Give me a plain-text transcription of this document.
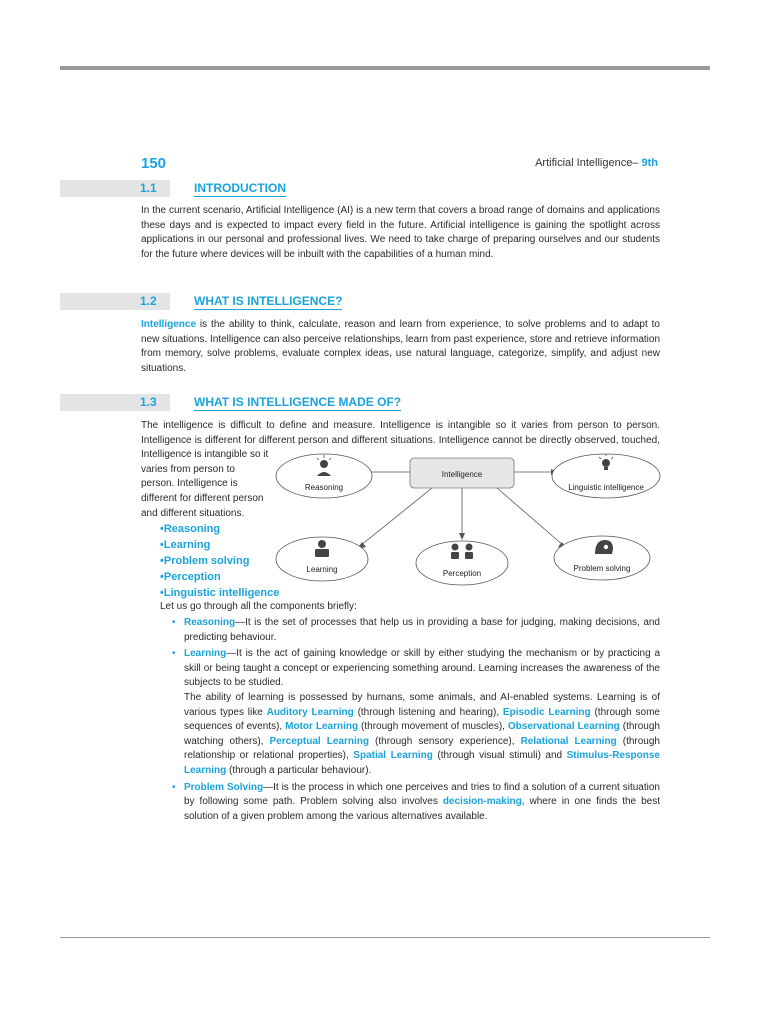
150	Artificial Intelligence– 9th
1.1	INTRODUCTION

In the current scenario, Artificial Intelligence (AI) is a new term that covers a broad range of domains and applications these days and is expected to impact every field in the future. Artificial intelligence is gaining the spotlight across applications in our personal and professional lives. We need to take charge of preparing ourselves and our students for the future where devices will be inbuilt with the capabilities of a human mind.

1.2	WHAT IS INTELLIGENCE?

Intelligence is the ability to think, calculate, reason and learn from experience, to solve problems and to adapt to new situations. Intelligence can also perceive relationships, learn from past experience, store and retrieve information from memory, solve problems, evaluate complex ideas, use natural language, categorize, simplify, and adjust new situations.

1.3	WHAT IS INTELLIGENCE MADE OF?
The intelligence is difficult to define and measure. Intelligence is intangible so it varies from person to person. Intelligence is different for different person and different situations. Intelligence cannot be directly observed, touched,
Intelligence is intangible so it varies from person to person. Intelligence is different for different person and different situations.
• Reasoning
• Learning
• Problem solving
• Perception
• Linguistic intelligence
Intelligence
Reasoning	Linguistic intelligence
Learning	Perception
Problem solving

Let us go through all the components briefly:

• Reasoning—It is the set of processes that help us in providing a base for judging, making decisions, and predicting behaviour.
• Learning—It is the act of gaining knowledge or skill by either studying the mechanism or by practicing a skill or being taught a concept or experiencing something around. Learning increases the awareness of the subjects to be studied.
The ability of learning is possessed by humans, some animals, and AI-enabled systems. Learning is of various types like Auditory Learning (through listening and hearing), Episodic Learning (through some sequences of events), Motor Learning (through movement of muscles), Observational Learning (through watching others), Perceptual Learning (through sensory experience), Relational Learning (through relationship or relational properties), Spatial Learning (through visual stimuli) and Stimulus-Response Learning (through a particular behaviour).
• Problem Solving—It is the process in which one perceives and tries to find a solution of a current situation by following some path. Problem solving also involves decision-making, where in one finds the best solution of a given problem among the various alternatives available.
